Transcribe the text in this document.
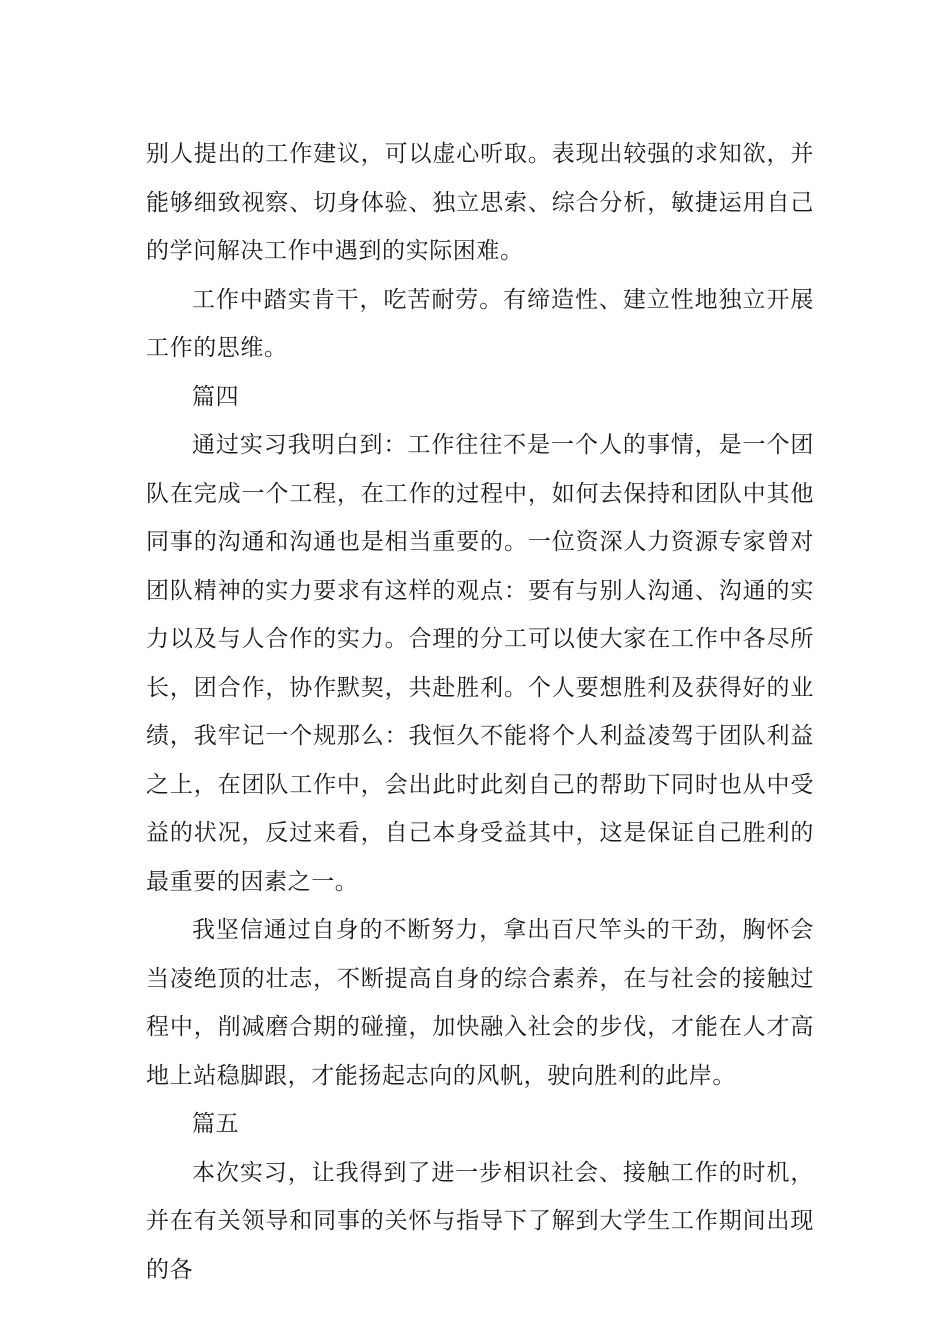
别人提出的工作建议，可以虚心听取。表现出较强的求知欲，并能够细致视察、切身体验、独立思索、综合分析，敏捷运用自己的学问解决工作中遇到的实际困难。

工作中踏实肯干，吃苦耐劳。有缔造性、建立性地独立开展工作的思维。

篇四

通过实习我明白到：工作往往不是一个人的事情，是一个团队在完成一个工程，在工作的过程中，如何去保持和团队中其他同事的沟通和沟通也是相当重要的。一位资深人力资源专家曾对团队精神的实力要求有这样的观点：要有与别人沟通、沟通的实力以及与人合作的实力。合理的分工可以使大家在工作中各尽所长，团合作，协作默契，共赴胜利。个人要想胜利及获得好的业绩，我牢记一个规那么：我恒久不能将个人利益凌驾于团队利益之上，在团队工作中，会出此时此刻自己的帮助下同时也从中受益的状况，反过来看，自己本身受益其中，这是保证自己胜利的最重要的因素之一。

我坚信通过自身的不断努力，拿出百尺竿头的干劲，胸怀会当凌绝顶的壮志，不断提高自身的综合素养，在与社会的接触过程中，削减磨合期的碰撞，加快融入社会的步伐，才能在人才高地上站稳脚跟，才能扬起志向的风帆，驶向胜利的此岸。

篇五

本次实习，让我得到了进一步相识社会、接触工作的时机，并在有关领导和同事的关怀与指导下了解到大学生工作期间出现的各
